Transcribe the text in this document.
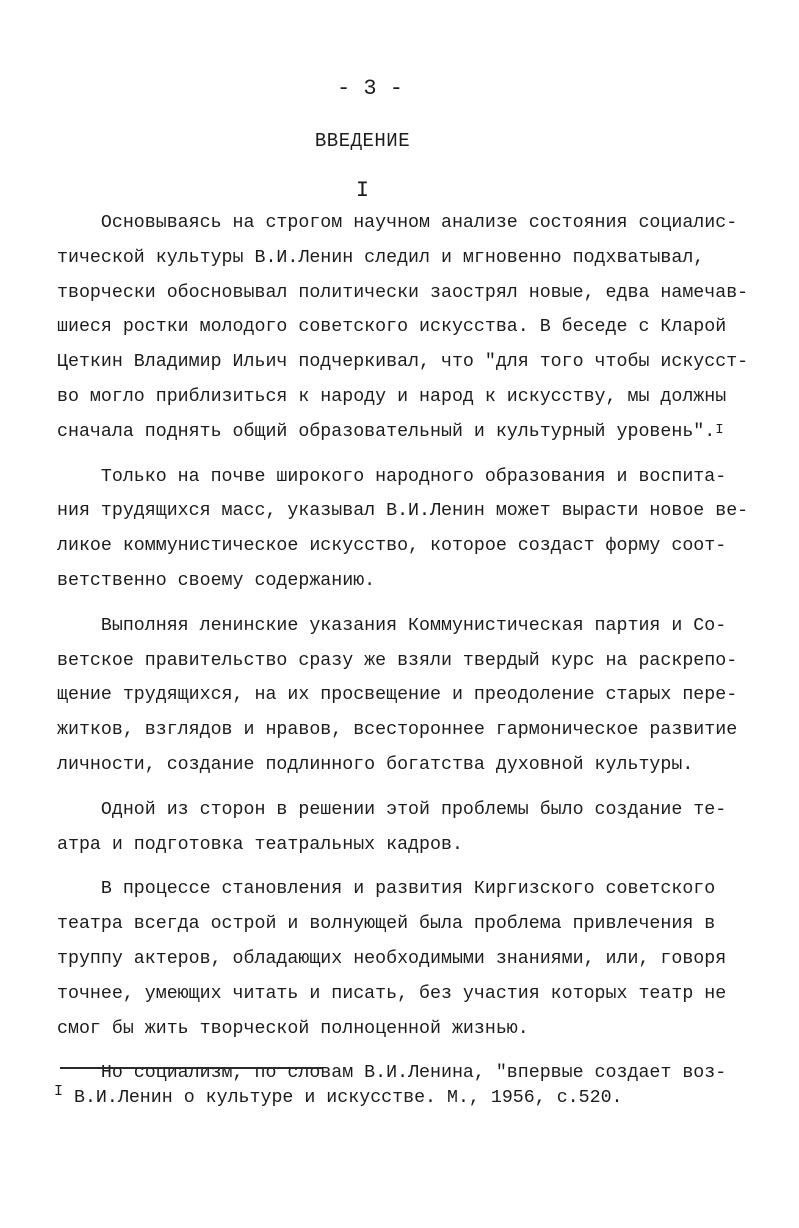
- 3 -
ВВЕДЕНИЕ
I

Основываясь на строгом научном анализе состояния социалис-

тической культуры В.И.Ленин следил и мгновенно подхватывал,

творчески обосновывал политически заострял новые, едва намечав-

шиеся ростки молодого советского искусства. В беседе с Кларой

Цеткин Владимир Ильич подчеркивал, что "для того чтобы искусст-

во могло приблизиться к народу и народ к искусству, мы должны

сначала поднять общий образовательный и культурный уровень".$^I$

Только на почве широкого народного образования и воспита-

ния трудящихся масс, указывал В.И.Ленин может вырасти новое ве-

ликое коммунистическое искусство, которое создаст форму соот-

ветственно своему содержанию.

Выполняя ленинские указания Коммунистическая партия и Со-

ветское правительство сразу же взяли твердый курс на раскрепо-

щение трудящихся, на их просвещение и преодоление старых пере-

житков, взглядов и нравов, всестороннее гармоническое развитие

личности, создание подлинного богатства духовной культуры.

Одной из сторон в решении этой проблемы было создание те-

атра и подготовка театральных кадров.

В процессе становления и развития Киргизского советского

театра всегда острой и волнующей была проблема привлечения в

труппу актеров, обладающих необходимыми знаниями, или, говоря

точнее, умеющих читать и писать, без участия которых театр не

смог бы жить творческой полноценной жизнью.

Но социализм, по словам В.И.Ленина, "впервые создает воз-

$^I$ В.И.Ленин о культуре и искусстве. М., 1956, с.520.
